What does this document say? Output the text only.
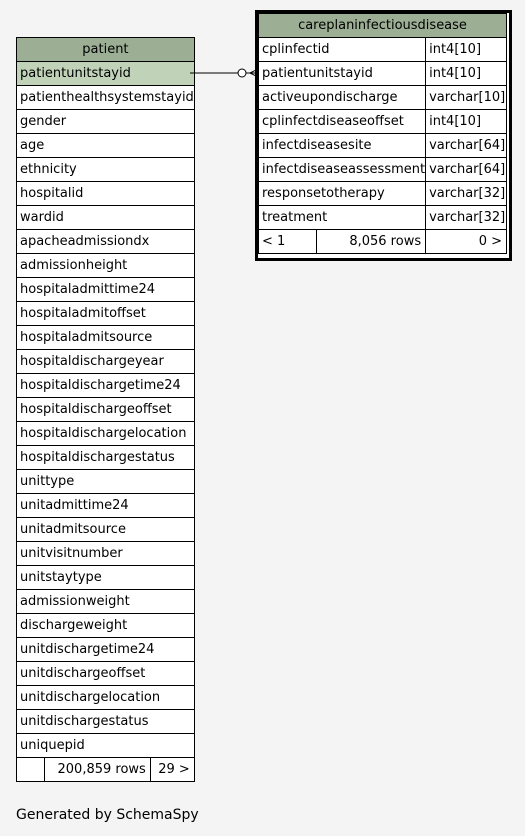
patient
patientunitstayid
patienthealthsystemstayid
gender
age
ethnicity
hospitalid
wardid
apacheadmissiondx
admissionheight
hospitaladmittime24
hospitaladmitoffset
hospitaladmitsource
hospitaldischargeyear
hospitaldischargetime24
hospitaldischargeoffset
hospitaldischargelocation
hospitaldischargestatus
unittype
unitadmittime24
unitadmitsource
unitvisitnumber
unitstaytype
admissionweight
dischargeweight
unitdischargetime24
unitdischargeoffset
unitdischargelocation
unitdischargestatus
uniquepid
	200,859 rows	29 >
careplaninfectiousdisease		
cplinfectid		int4[10]
patientunitstayid		int4[10]
activeupondischarge		varchar[10]
cplinfectdiseaseoffset		int4[10]
infectdiseasesite		varchar[64]
infectdiseaseassessment		varchar[64]
responsetotherapy		varchar[32]
treatment		varchar[32]
< 1	8,056 rows	0 >
Generated by SchemaSpy
